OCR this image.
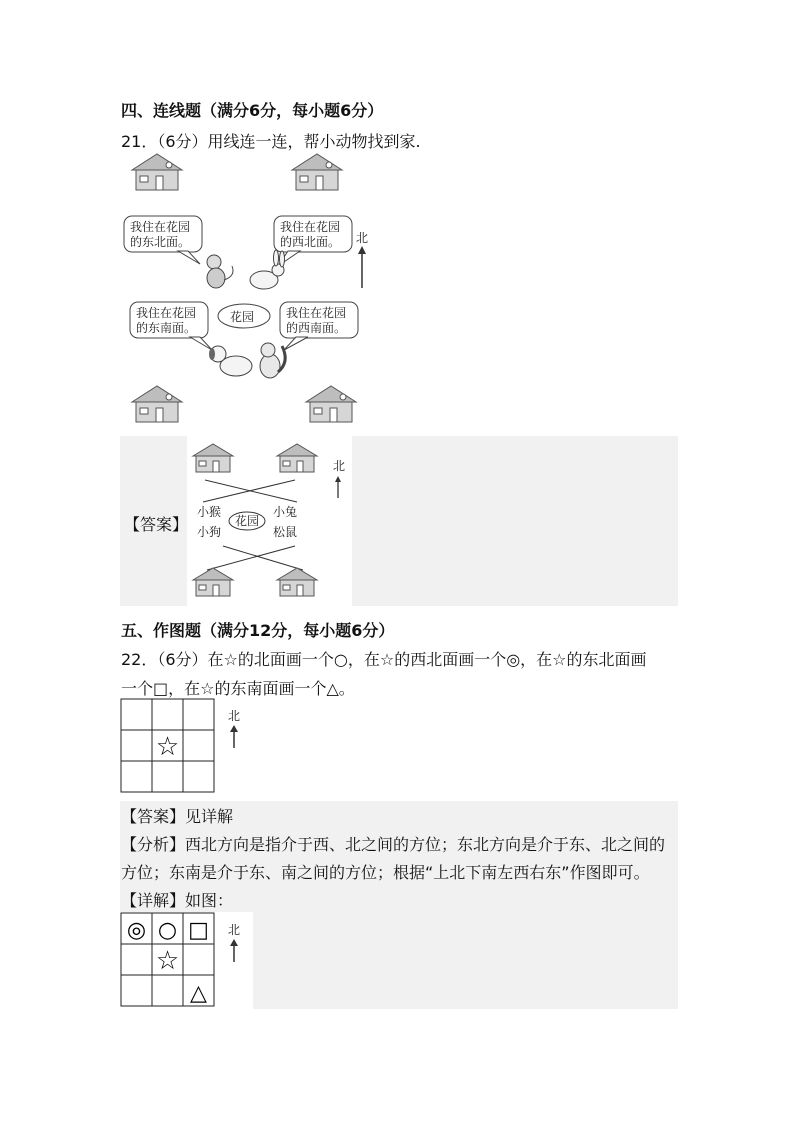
四、连线题（满分6分，每小题6分）
21．（6分）用线连一连，帮小动物找到家.
我住在花园
的东北面。
我住在花园
的西北面。 北
我住在花园
的东南面。
花园	我住在花园
的西南面。
【答案】
北
小猴	小兔
花园
小狗	松鼠
五、作图题（满分12分，每小题6分）
22．（6分）在☆的北面画一个○，在☆的西北面画一个◎，在☆的东北面画
一个□，在☆的东南面画一个△。
☆
北
【答案】见详解
【分析】西北方向是指介于西、北之间的方位；东北方向是介于东、北之间的
方位；东南是介于东、南之间的方位；根据“上北下南左西右东”作图即可。
【详解】如图：
◎ ○ □
☆
△
北
